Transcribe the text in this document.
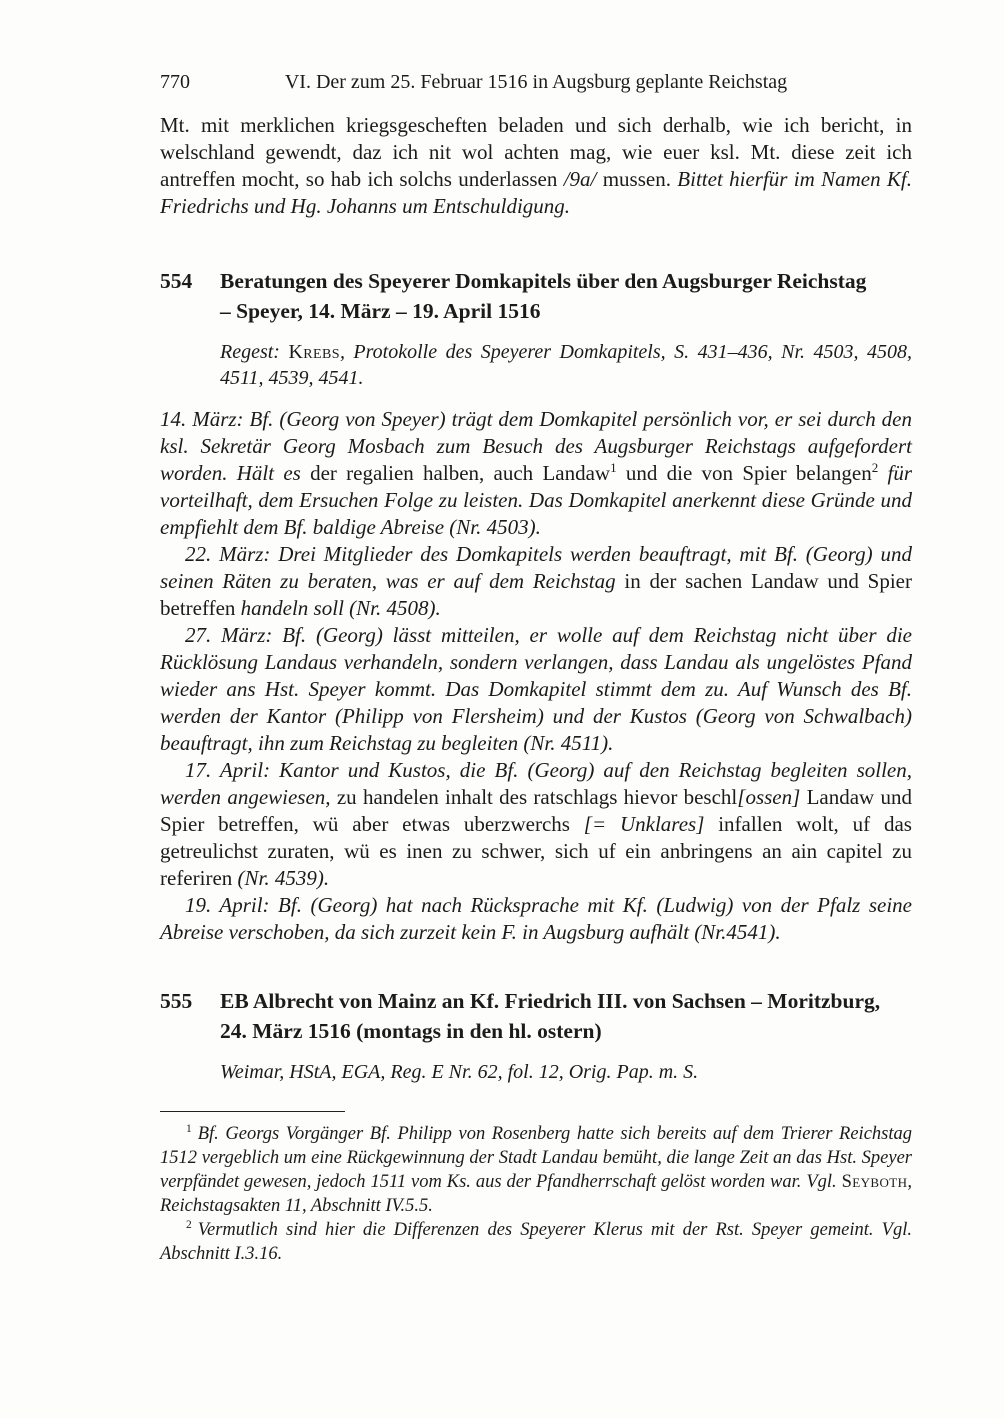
770	VI. Der zum 25. Februar 1516 in Augsburg geplante Reichstag

Mt. mit merklichen kriegsgescheften beladen und sich derhalb, wie ich bericht, in welschland gewendt, daz ich nit wol achten mag, wie euer ksl. Mt. diese zeit ich antreffen mocht, so hab ich solchs underlassen /9a/ mussen. Bittet hierfür im Namen Kf. Friedrichs und Hg. Johanns um Entschuldigung.

554	Beratungen des Speyerer Domkapitels über den Augsburger Reichstag
– Speyer, 14. März – 19. April 1516

Regest: Krebs, Protokolle des Speyerer Domkapitels, S. 431–436, Nr. 4503, 4508, 4511, 4539, 4541.

14. März: Bf. (Georg von Speyer) trägt dem Domkapitel persönlich vor, er sei durch den ksl. Sekretär Georg Mosbach zum Besuch des Augsburger Reichstags aufgefordert worden. Hält es der regalien halben, auch Landaw$^1$ und die von Spier belangen$^2$ für vorteilhaft, dem Ersuchen Folge zu leisten. Das Domkapitel anerkennt diese Gründe und empfiehlt dem Bf. baldige Abreise (Nr. 4503).

22. März: Drei Mitglieder des Domkapitels werden beauftragt, mit Bf. (Georg) und seinen Räten zu beraten, was er auf dem Reichstag in der sachen Landaw und Spier betreffen handeln soll (Nr. 4508).

27. März: Bf. (Georg) lässt mitteilen, er wolle auf dem Reichstag nicht über die Rücklösung Landaus verhandeln, sondern verlangen, dass Landau als ungelöstes Pfand wieder ans Hst. Speyer kommt. Das Domkapitel stimmt dem zu. Auf Wunsch des Bf. werden der Kantor (Philipp von Flersheim) und der Kustos (Georg von Schwalbach) beauftragt, ihn zum Reichstag zu begleiten (Nr. 4511).

17. April: Kantor und Kustos, die Bf. (Georg) auf den Reichstag begleiten sollen, werden angewiesen, zu handelen inhalt des ratschlags hievor beschl[ossen] Landaw und Spier betreffen, wü aber etwas uberzwerchs [= Unklares] infallen wolt, uf das getreulichst zuraten, wü es inen zu schwer, sich uf ein anbringens an ain capitel zu referiren (Nr. 4539).

19. April: Bf. (Georg) hat nach Rücksprache mit Kf. (Ludwig) von der Pfalz seine Abreise verschoben, da sich zurzeit kein F. in Augsburg aufhält (Nr.4541).

555	EB Albrecht von Mainz an Kf. Friedrich III. von Sachsen – Moritzburg,
24. März 1516 (montags in den hl. ostern)

Weimar, HStA, EGA, Reg. E Nr. 62, fol. 12, Orig. Pap. m. S.

$^1$ Bf. Georgs Vorgänger Bf. Philipp von Rosenberg hatte sich bereits auf dem Trierer Reichstag 1512 vergeblich um eine Rückgewinnung der Stadt Landau bemüht, die lange Zeit an das Hst. Speyer verpfändet gewesen, jedoch 1511 vom Ks. aus der Pfandherrschaft gelöst worden war. Vgl. Seyboth, Reichstagsakten 11, Abschnitt IV.5.5.

$^2$ Vermutlich sind hier die Differenzen des Speyerer Klerus mit der Rst. Speyer gemeint. Vgl. Abschnitt I.3.16.
